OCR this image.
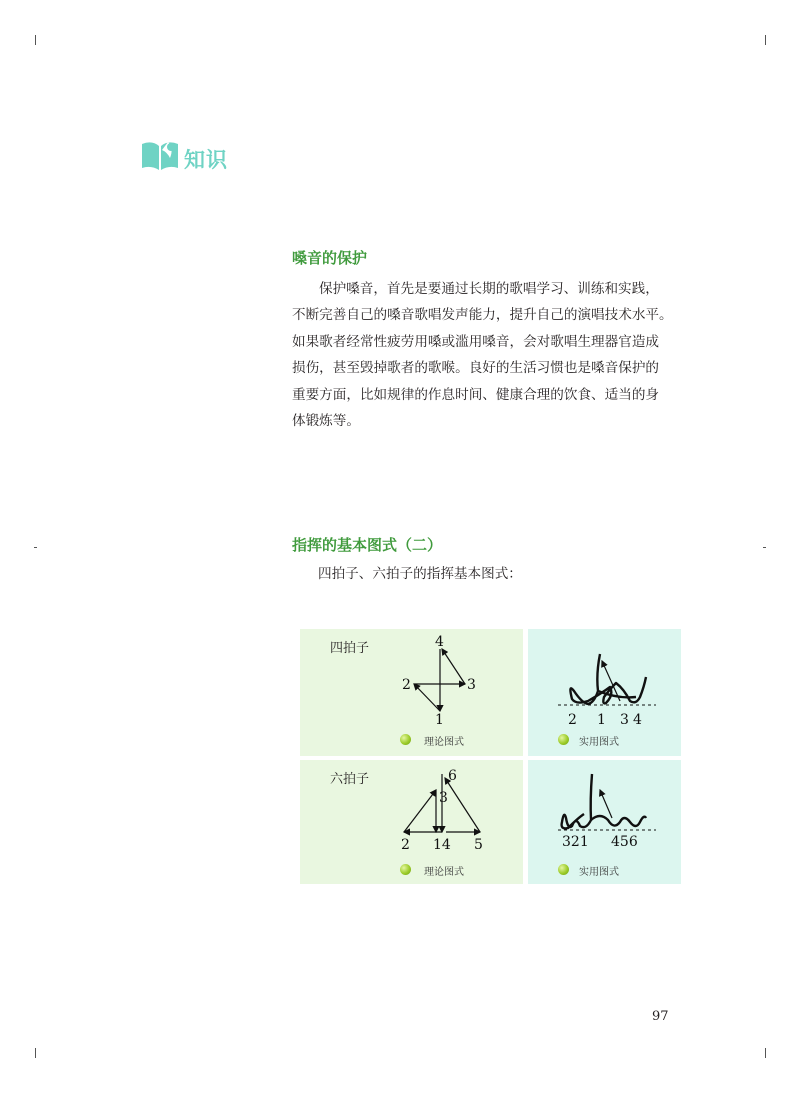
知识
嗓音的保护
保护嗓音，首先是要通过长期的歌唱学习、训练和实践，
不断完善自己的嗓音歌唱发声能力，提升自己的演唱技术水平。
如果歌者经常性疲劳用嗓或滥用嗓音，会对歌唱生理器官造成
损伤，甚至毁掉歌者的歌喉。良好的生活习惯也是嗓音保护的
重要方面，比如规律的作息时间、健康合理的饮食、适当的身
体锻炼等。
指挥的基本图式（二）
四拍子、六拍子的指挥基本图式：
四拍子	4
2	3
1
理论图式
2 1 3 4
实用图式
六拍子	6
3
2 14 5
理论图式
321 456
实用图式
97
